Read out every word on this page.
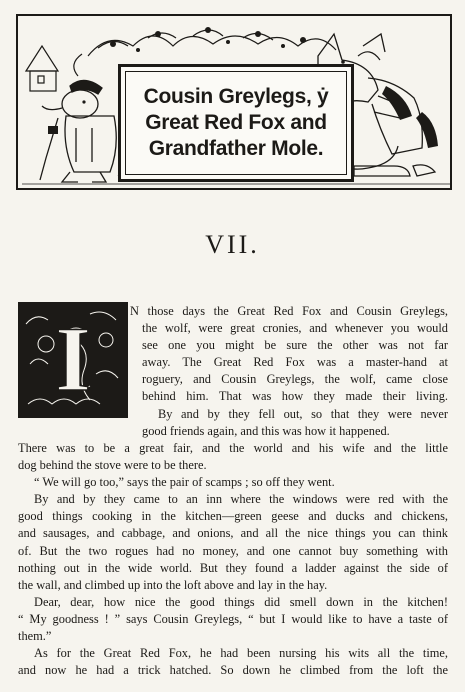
Cousin Greylegs, ẏ
Great Red Fox and
Grandfather Mole.
VII.
I	N those days the Great Red Fox and Cousin Greylegs,
the wolf, were great cronies, and whenever you would
see one you might be sure the other was not far
away. The Great Red Fox was a master-hand at
roguery, and Cousin Greylegs, the wolf, came close
behind him. That was how they made their living.
By and by they fell out, so that they were never
good friends again, and this was how it happened.
There was to be a great fair, and the world and his wife and the little
dog behind the stove were to be there.
“ We will go too,” says the pair of scamps ; so off they went.
By and by they came to an inn where the windows were red with the
good things cooking in the kitchen—green geese and ducks and chickens,
and sausages, and cabbage, and onions, and all the nice things you can think
of. But the two rogues had no money, and one cannot buy something with
nothing out in the wide world. But they found a ladder against the side of
the wall, and climbed up into the loft above and lay in the hay.
Dear, dear, how nice the good things did smell down in the kitchen!
“ My goodness ! ” says Cousin Greylegs, “ but I would like to have a taste of
them.”
As for the Great Red Fox, he had been nursing his wits all the time,
and now he had a trick hatched. So down he climbed from the loft the
